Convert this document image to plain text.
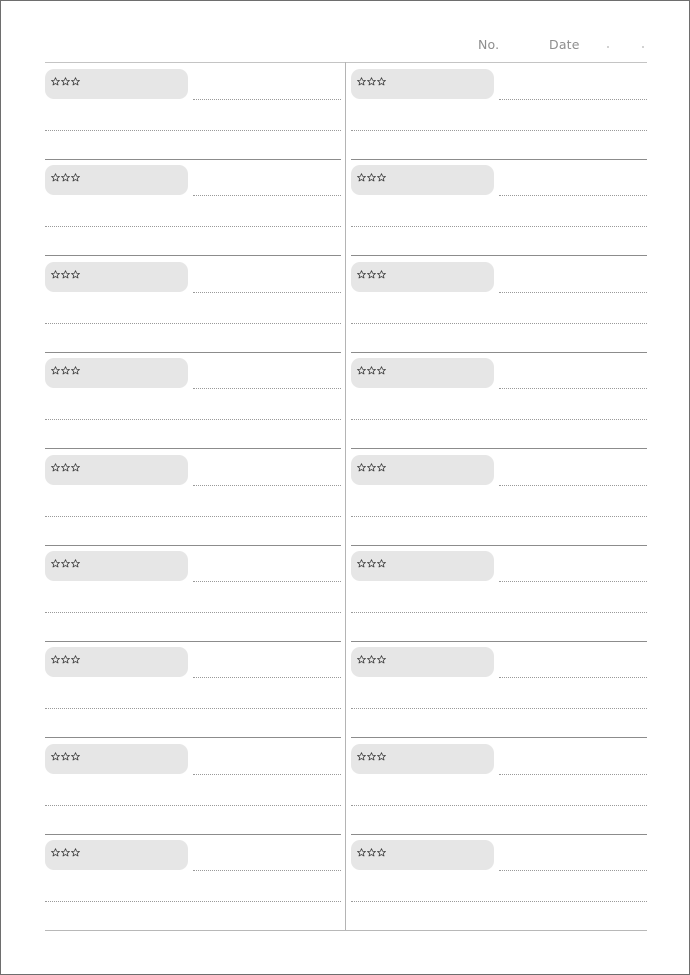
No.	Date
